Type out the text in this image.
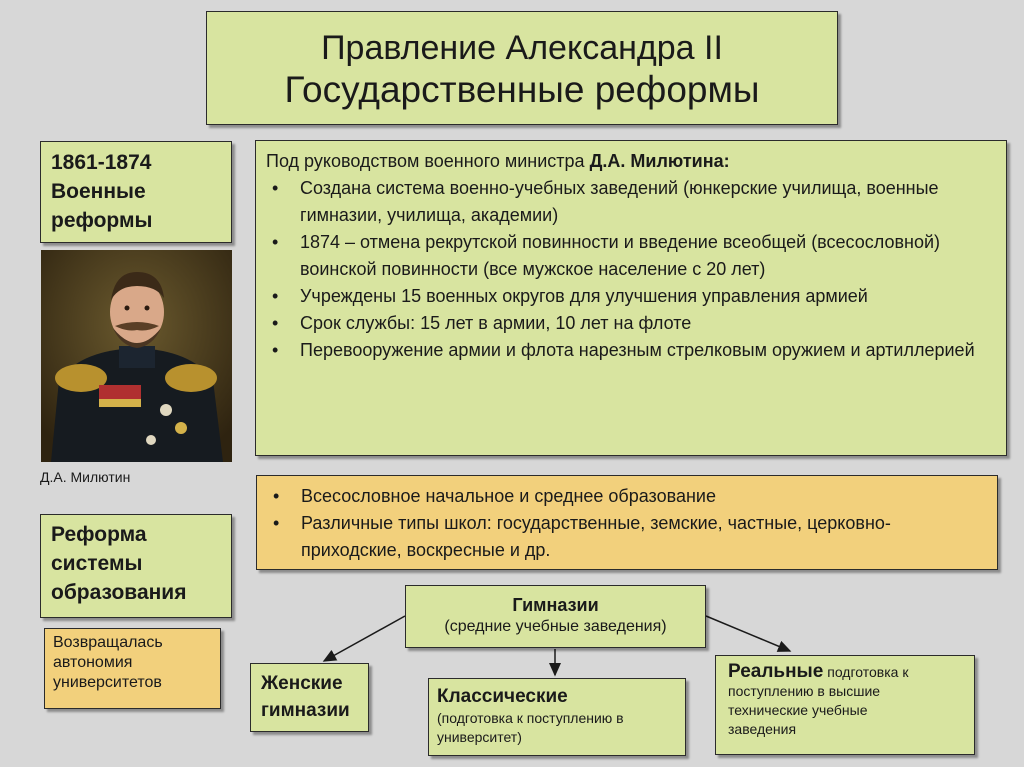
Правление Александра II
Государственные реформы
1861-1874
Военные
реформы
Д.А. Милютин
Под руководством военного министра Д.А. Милютина:
• Создана система военно-учебных заведений (юнкерские училища, военные гимназии, училища, академии)
• 1874 – отмена рекрутской повинности и введение всеобщей (всесословной) воинской повинности (все мужское население с 20 лет)
• Учреждены 15 военных округов для улучшения управления армией
• Срок службы: 15 лет в армии, 10 лет на флоте
• Перевооружение армии и флота нарезным стрелковым оружием и артиллерией
• Всесословное начальное и среднее образование
• Различные типы школ: государственные, земские, частные, церковно-приходские, воскресные и др.
Реформа
системы
образования
Возвращалась
автономия
университетов
Гимназии
(средние учебные заведения)
Женские
гимназии
Классические
(подготовка к поступлению в
университет)
Реальные подготовка к
поступлению в высшие
технические учебные
заведения
